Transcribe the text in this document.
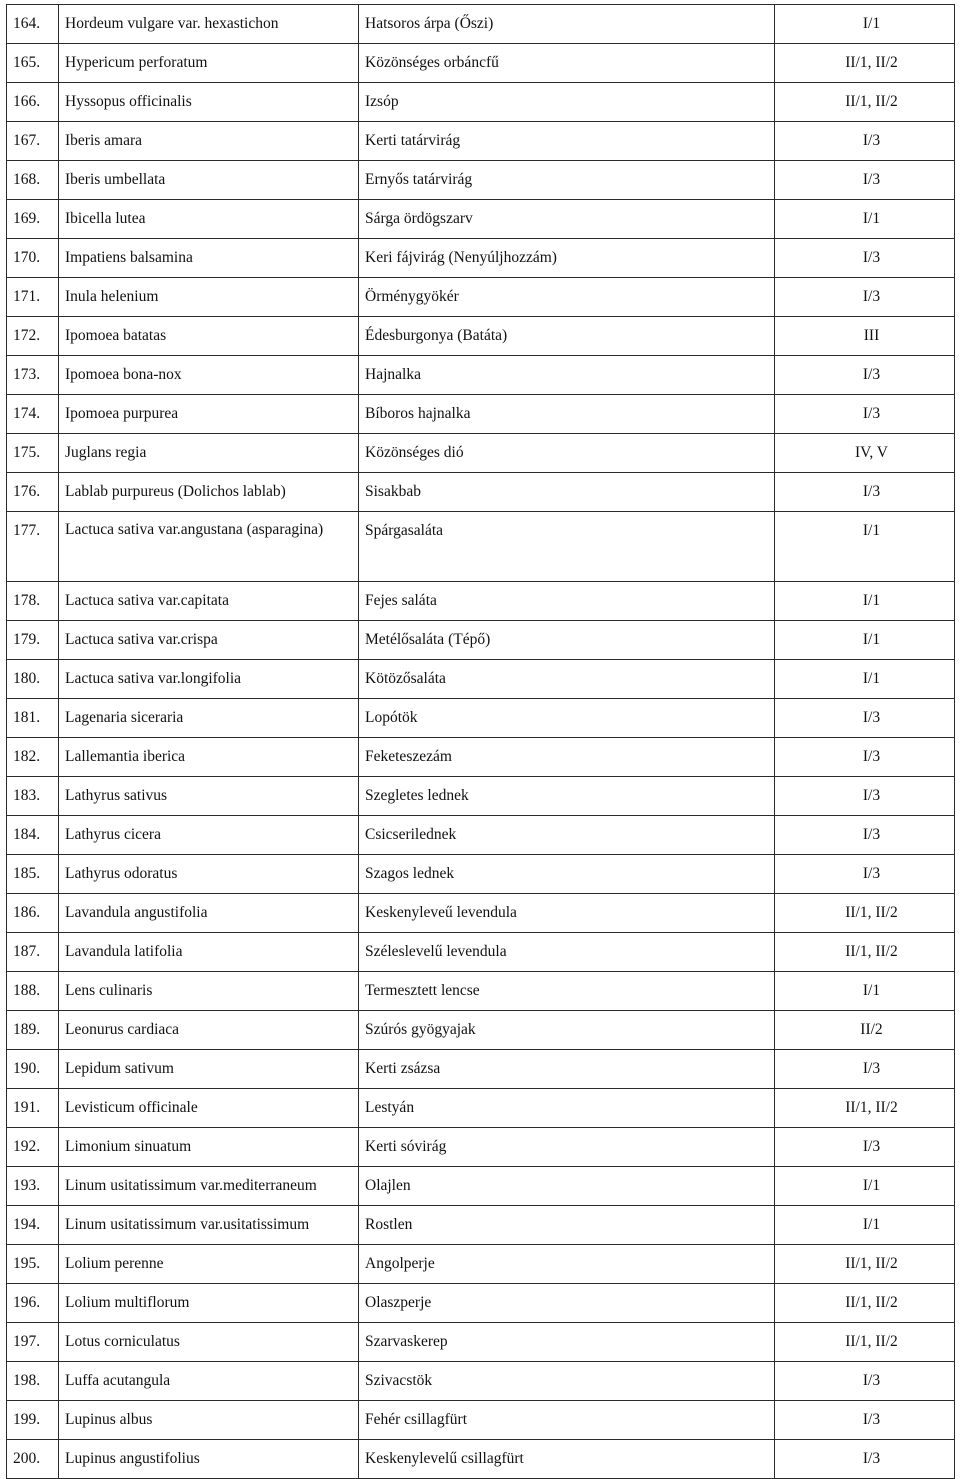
164.	Hordeum vulgare var. hexastichon	Hatsoros árpa (Őszi)	I/1
165.	Hypericum perforatum	Közönséges orbáncfű	II/1, II/2
166.	Hyssopus officinalis	Izsóp	II/1, II/2
167.	Iberis amara	Kerti tatárvirág	I/3
168.	Iberis umbellata	Ernyős tatárvirág	I/3
169.	Ibicella lutea	Sárga ördögszarv	I/1
170.	Impatiens balsamina	Keri fájvirág (Nenyúljhozzám)	I/3
171.	Inula helenium	Örménygyökér	I/3
172.	Ipomoea batatas	Édesburgonya (Batáta)	III
173.	Ipomoea bona-nox	Hajnalka	I/3
174.	Ipomoea purpurea	Bíboros hajnalka	I/3
175.	Juglans regia	Közönséges dió	IV, V
176.	Lablab purpureus (Dolichos lablab)	Sisakbab	I/3
177.	Lactuca sativa var.angustana (asparagina)	Spárgasaláta	I/1
178.	Lactuca sativa var.capitata	Fejes saláta	I/1
179.	Lactuca sativa var.crispa	Metélősaláta (Tépő)	I/1
180.	Lactuca sativa var.longifolia	Kötözősaláta	I/1
181.	Lagenaria siceraria	Lopótök	I/3
182.	Lallemantia iberica	Feketeszezám	I/3
183.	Lathyrus sativus	Szegletes lednek	I/3
184.	Lathyrus cicera	Csicserilednek	I/3
185.	Lathyrus odoratus	Szagos lednek	I/3
186.	Lavandula angustifolia	Keskenyleveű levendula	II/1, II/2
187.	Lavandula latifolia	Széleslevelű levendula	II/1, II/2
188.	Lens culinaris	Termesztett lencse	I/1
189.	Leonurus cardiaca	Szúrós gyögyajak	II/2
190.	Lepidum sativum	Kerti zsázsa	I/3
191.	Levisticum officinale	Lestyán	II/1, II/2
192.	Limonium sinuatum	Kerti sóvirág	I/3
193.	Linum usitatissimum var.mediterraneum	Olajlen	I/1
194.	Linum usitatissimum var.usitatissimum	Rostlen	I/1
195.	Lolium perenne	Angolperje	II/1, II/2
196.	Lolium multiflorum	Olaszperje	II/1, II/2
197.	Lotus corniculatus	Szarvaskerep	II/1, II/2
198.	Luffa acutangula	Szivacstök	I/3
199.	Lupinus albus	Fehér csillagfürt	I/3
200.	Lupinus angustifolius	Keskenylevelű csillagfürt	I/3
